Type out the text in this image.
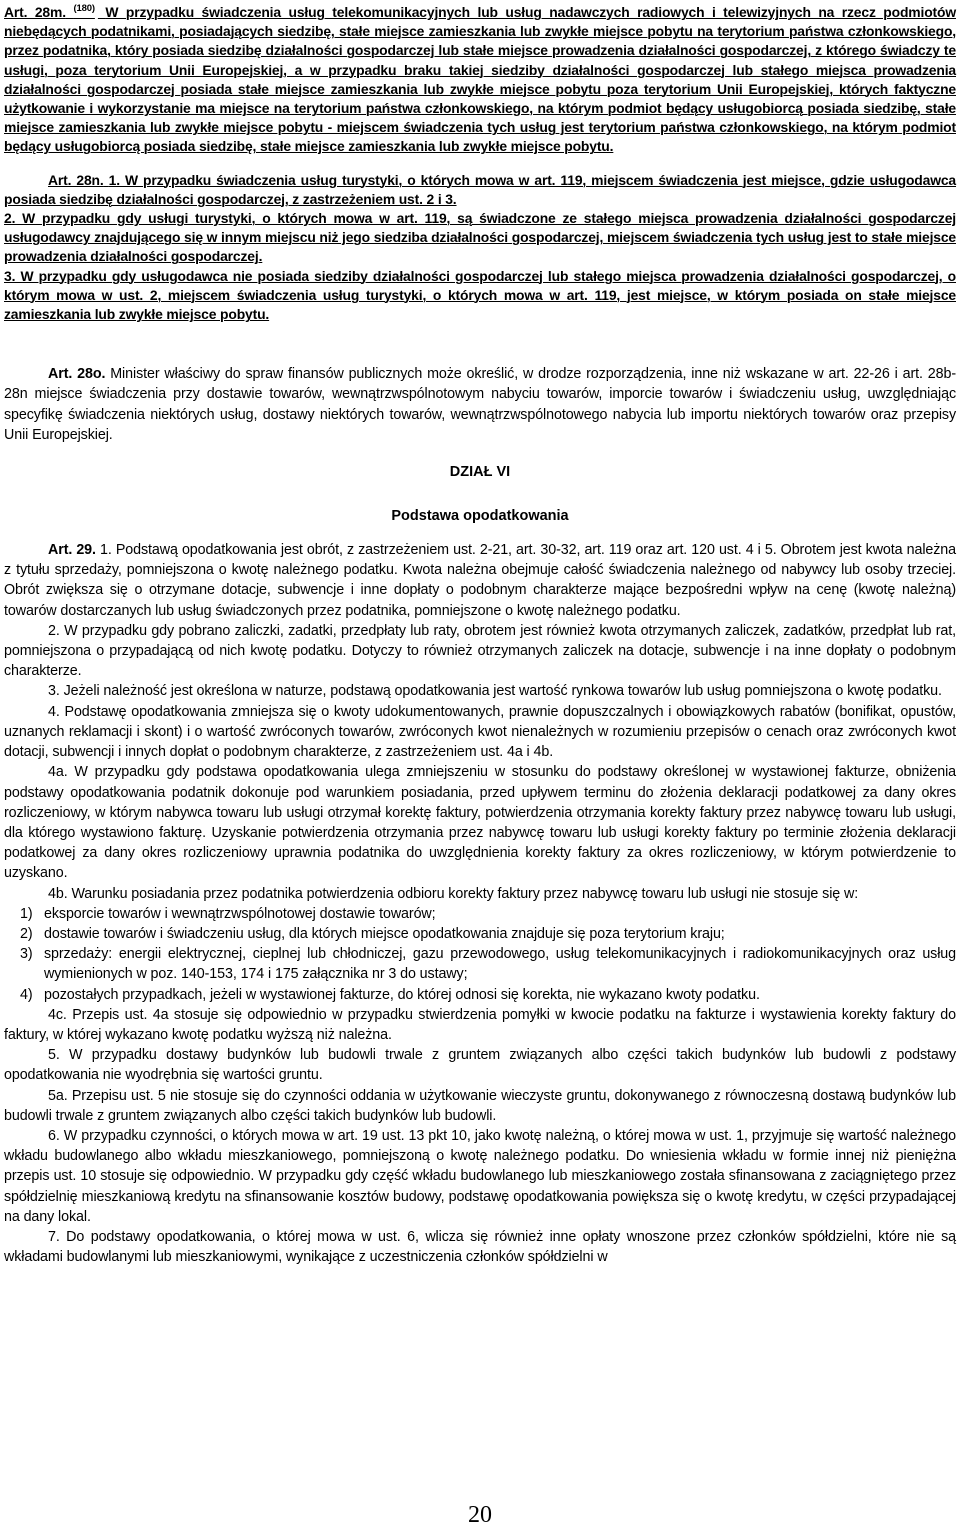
Art. 28m. $^{(180)}$ W przypadku świadczenia usług telekomunikacyjnych lub usług nadawczych radiowych i telewizyjnych na rzecz podmiotów niebędących podatnikami, posiadających siedzibę, stałe miejsce zamieszkania lub zwykłe miejsce pobytu na terytorium państwa członkowskiego, przez podatnika, który posiada siedzibę działalności gospodarczej lub stałe miejsce prowadzenia działalności gospodarczej, z którego świadczy te usługi, poza terytorium Unii Europejskiej, a w przypadku braku takiej siedziby działalności gospodarczej lub stałego miejsca prowadzenia działalności gospodarczej posiada stałe miejsce zamieszkania lub zwykłe miejsce pobytu poza terytorium Unii Europejskiej, których faktyczne użytkowanie i wykorzystanie ma miejsce na terytorium państwa członkowskiego, na którym podmiot będący usługobiorcą posiada siedzibę, stałe miejsce zamieszkania lub zwykłe miejsce pobytu - miejscem świadczenia tych usług jest terytorium państwa członkowskiego, na którym podmiot będący usługobiorcą posiada siedzibę, stałe miejsce zamieszkania lub zwykłe miejsce pobytu.

Art. 28n. 1. W przypadku świadczenia usług turystyki, o których mowa w art. 119, miejscem świadczenia jest miejsce, gdzie usługodawca posiada siedzibę działalności gospodarczej, z zastrzeżeniem ust. 2 i 3.

2. W przypadku gdy usługi turystyki, o których mowa w art. 119, są świadczone ze stałego miejsca prowadzenia działalności gospodarczej usługodawcy znajdującego się w innym miejscu niż jego siedziba działalności gospodarczej, miejscem świadczenia tych usług jest to stałe miejsce prowadzenia działalności gospodarczej.

3. W przypadku gdy usługodawca nie posiada siedziby działalności gospodarczej lub stałego miejsca prowadzenia działalności gospodarczej, o którym mowa w ust. 2, miejscem świadczenia usług turystyki, o których mowa w art. 119, jest miejsce, w którym posiada on stałe miejsce zamieszkania lub zwykłe miejsce pobytu.

Art. 28o. Minister właściwy do spraw finansów publicznych może określić, w drodze rozporządzenia, inne niż wskazane w art. 22-26 i art. 28b-28n miejsce świadczenia przy dostawie towarów, wewnątrzwspólnotowym nabyciu towarów, imporcie towarów i świadczeniu usług, uwzględniając specyfikę świadczenia niektórych usług, dostawy niektórych towarów, wewnątrzwspólnotowego nabycia lub importu niektórych towarów oraz przepisy Unii Europejskiej.

DZIAŁ VI

Podstawa opodatkowania

Art. 29. 1. Podstawą opodatkowania jest obrót, z zastrzeżeniem ust. 2-21, art. 30-32, art. 119 oraz art. 120 ust. 4 i 5. Obrotem jest kwota należna z tytułu sprzedaży, pomniejszona o kwotę należnego podatku. Kwota należna obejmuje całość świadczenia należnego od nabywcy lub osoby trzeciej. Obrót zwiększa się o otrzymane dotacje, subwencje i inne dopłaty o podobnym charakterze mające bezpośredni wpływ na cenę (kwotę należną) towarów dostarczanych lub usług świadczonych przez podatnika, pomniejszone o kwotę należnego podatku.

2. W przypadku gdy pobrano zaliczki, zadatki, przedpłaty lub raty, obrotem jest również kwota otrzymanych zaliczek, zadatków, przedpłat lub rat, pomniejszona o przypadającą od nich kwotę podatku. Dotyczy to również otrzymanych zaliczek na dotacje, subwencje i na inne dopłaty o podobnym charakterze.

3. Jeżeli należność jest określona w naturze, podstawą opodatkowania jest wartość rynkowa towarów lub usług pomniejszona o kwotę podatku.

4. Podstawę opodatkowania zmniejsza się o kwoty udokumentowanych, prawnie dopuszczalnych i obowiązkowych rabatów (bonifikat, opustów, uznanych reklamacji i skont) i o wartość zwróconych towarów, zwróconych kwot nienależnych w rozumieniu przepisów o cenach oraz zwróconych kwot dotacji, subwencji i innych dopłat o podobnym charakterze, z zastrzeżeniem ust. 4a i 4b.

4a. W przypadku gdy podstawa opodatkowania ulega zmniejszeniu w stosunku do podstawy określonej w wystawionej fakturze, obniżenia podstawy opodatkowania podatnik dokonuje pod warunkiem posiadania, przed upływem terminu do złożenia deklaracji podatkowej za dany okres rozliczeniowy, w którym nabywca towaru lub usługi otrzymał korektę faktury, potwierdzenia otrzymania korekty faktury przez nabywcę towaru lub usługi, dla którego wystawiono fakturę. Uzyskanie potwierdzenia otrzymania przez nabywcę towaru lub usługi korekty faktury po terminie złożenia deklaracji podatkowej za dany okres rozliczeniowy uprawnia podatnika do uwzględnienia korekty faktury za okres rozliczeniowy, w którym potwierdzenie to uzyskano.

4b. Warunku posiadania przez podatnika potwierdzenia odbioru korekty faktury przez nabywcę towaru lub usługi nie stosuje się w:

1) eksporcie towarów i wewnątrzwspólnotowej dostawie towarów;
2) dostawie towarów i świadczeniu usług, dla których miejsce opodatkowania znajduje się poza terytorium kraju;
3) sprzedaży: energii elektrycznej, cieplnej lub chłodniczej, gazu przewodowego, usług telekomunikacyjnych i radiokomunikacyjnych oraz usług wymienionych w poz. 140-153, 174 i 175 załącznika nr 3 do ustawy;
4) pozostałych przypadkach, jeżeli w wystawionej fakturze, do której odnosi się korekta, nie wykazano kwoty podatku.

4c. Przepis ust. 4a stosuje się odpowiednio w przypadku stwierdzenia pomyłki w kwocie podatku na fakturze i wystawienia korekty faktury do faktury, w której wykazano kwotę podatku wyższą niż należna.

5. W przypadku dostawy budynków lub budowli trwale z gruntem związanych albo części takich budynków lub budowli z podstawy opodatkowania nie wyodrębnia się wartości gruntu.

5a. Przepisu ust. 5 nie stosuje się do czynności oddania w użytkowanie wieczyste gruntu, dokonywanego z równoczesną dostawą budynków lub budowli trwale z gruntem związanych albo części takich budynków lub budowli.

6. W przypadku czynności, o których mowa w art. 19 ust. 13 pkt 10, jako kwotę należną, o której mowa w ust. 1, przyjmuje się wartość należnego wkładu budowlanego albo wkładu mieszkaniowego, pomniejszoną o kwotę należnego podatku. Do wniesienia wkładu w formie innej niż pieniężna przepis ust. 10 stosuje się odpowiednio. W przypadku gdy część wkładu budowlanego lub mieszkaniowego została sfinansowana z zaciągniętego przez spółdzielnię mieszkaniową kredytu na sfinansowanie kosztów budowy, podstawę opodatkowania powiększa się o kwotę kredytu, w części przypadającej na dany lokal.

7. Do podstawy opodatkowania, o której mowa w ust. 6, wlicza się również inne opłaty wnoszone przez członków spółdzielni, które nie są wkładami budowlanymi lub mieszkaniowymi, wynikające z uczestniczenia członków spółdzielni w

20
